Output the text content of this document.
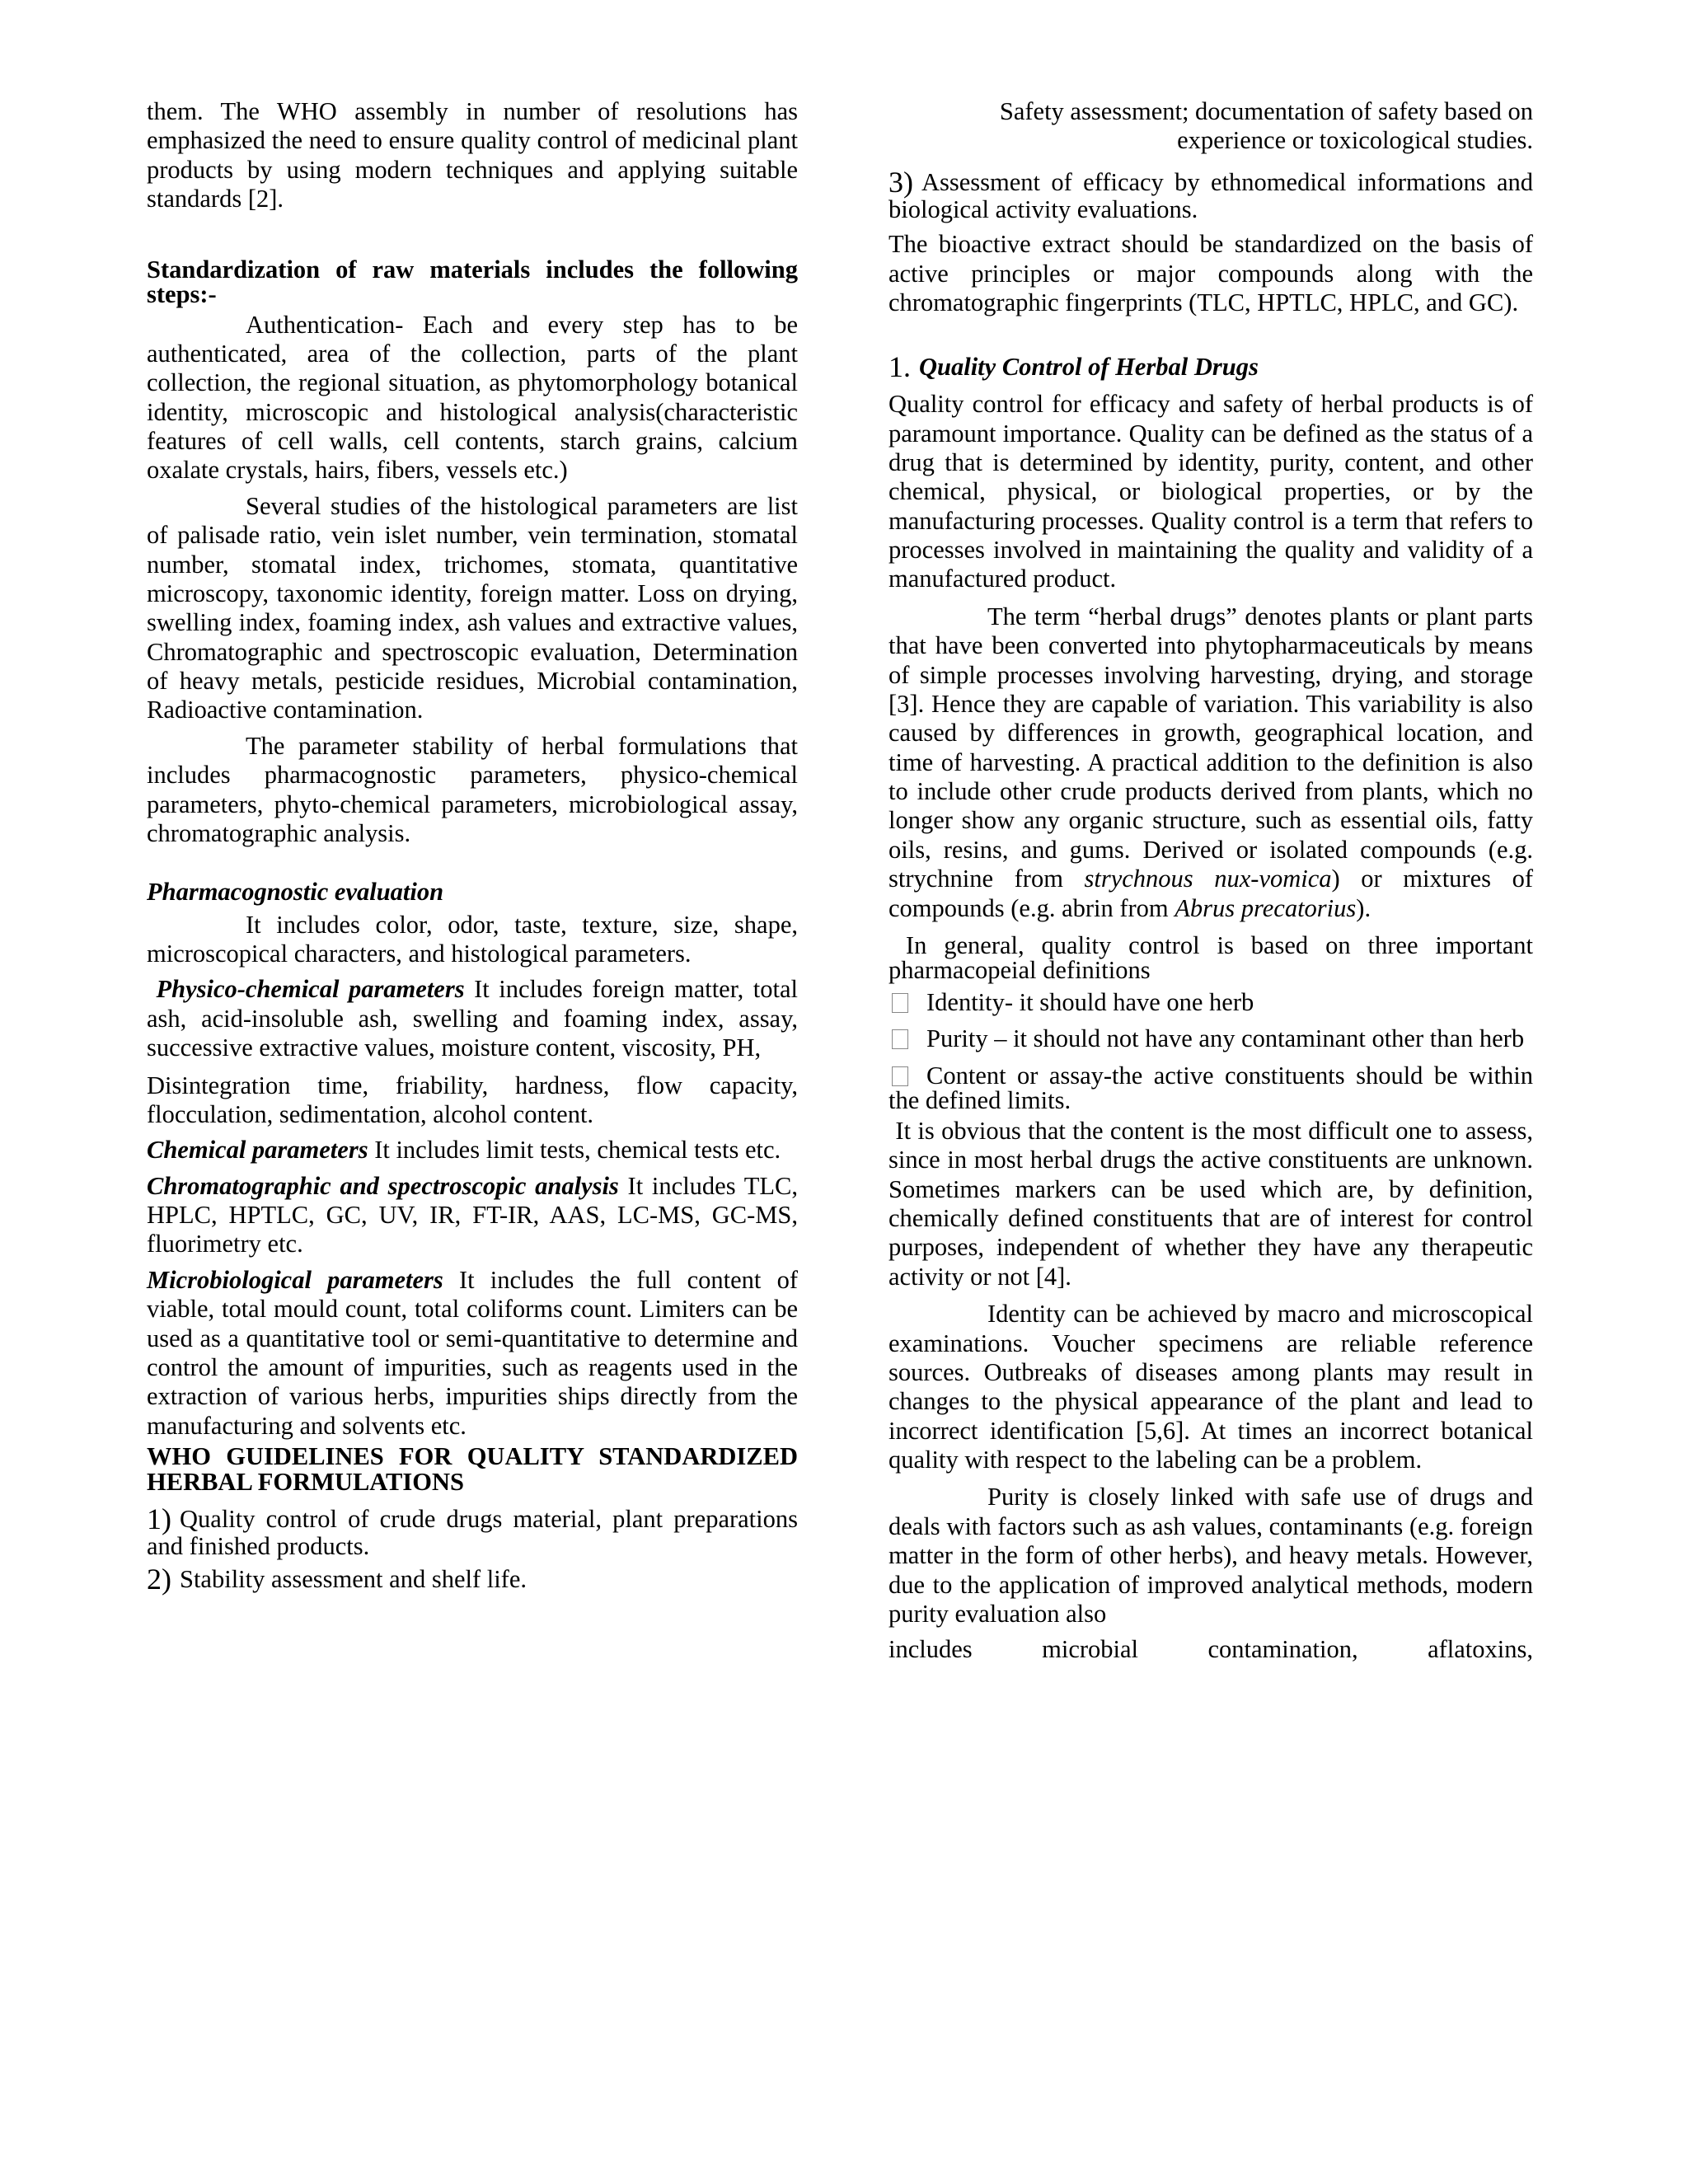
them. The WHO assembly in number of resolutions has emphasized the need to ensure quality control of medicinal plant products by using modern techniques and applying suitable standards [2].

Standardization of raw materials includes the following steps:-

Authentication- Each and every step has to be authenticated, area of the collection, parts of the plant collection, the regional situation, as phytomorphology botanical identity, microscopic and histological analysis(characteristic features of cell walls, cell contents, starch grains, calcium oxalate crystals, hairs, fibers, vessels etc.)

Several studies of the histological parameters are list of palisade ratio, vein islet number, vein termination, stomatal number, stomatal index, trichomes, stomata, quantitative microscopy, taxonomic identity, foreign matter. Loss on drying, swelling index, foaming index, ash values and extractive values, Chromatographic and spectroscopic evaluation, Determination of heavy metals, pesticide residues, Microbial contamination, Radioactive contamination.

The parameter stability of herbal formulations that includes pharmacognostic parameters, physico-chemical parameters, phyto-chemical parameters, microbiological assay, chromatographic analysis.

Pharmacognostic evaluation

It includes color, odor, taste, texture, size, shape, microscopical characters, and histological parameters.

Physico-chemical parameters It includes foreign matter, total ash, acid-insoluble ash, swelling and foaming index, assay, successive extractive values, moisture content, viscosity, PH,

Disintegration time, friability, hardness, flow capacity, flocculation, sedimentation, alcohol content.

Chemical parameters It includes limit tests, chemical tests etc.

Chromatographic and spectroscopic analysis It includes TLC, HPLC, HPTLC, GC, UV, IR, FT-IR, AAS, LC-MS, GC-MS, fluorimetry etc.

Microbiological parameters It includes the full content of viable, total mould count, total coliforms count. Limiters can be used as a quantitative tool or semi-quantitative to determine and control the amount of impurities, such as reagents used in the extraction of various herbs, impurities ships directly from the manufacturing and solvents etc.

WHO GUIDELINES FOR QUALITY STANDARDIZED HERBAL FORMULATIONS

1) Quality control of crude drugs material, plant preparations and finished products.

2) Stability assessment and shelf life.

Safety assessment; documentation of safety based on experience or toxicological studies.

3) Assessment of efficacy by ethnomedical informations and biological activity evaluations.

The bioactive extract should be standardized on the basis of active principles or major compounds along with the chromatographic fingerprints (TLC, HPTLC, HPLC, and GC).

1. Quality Control of Herbal Drugs

Quality control for efficacy and safety of herbal products is of paramount importance. Quality can be defined as the status of a drug that is determined by identity, purity, content, and other chemical, physical, or biological properties, or by the manufacturing processes. Quality control is a term that refers to processes involved in maintaining the quality and validity of a manufactured product.

The term “herbal drugs” denotes plants or plant parts that have been converted into phytopharmaceuticals by means of simple processes involving harvesting, drying, and storage [3]. Hence they are capable of variation. This variability is also caused by differences in growth, geographical location, and time of harvesting. A practical addition to the definition is also to include other crude products derived from plants, which no longer show any organic structure, such as essential oils, fatty oils, resins, and gums. Derived or isolated compounds (e.g. strychnine from strychnous nux-vomica) or mixtures of compounds (e.g. abrin from Abrus precatorius).

In general, quality control is based on three important pharmacopeial definitions

Identity- it should have one herb

Purity – it should not have any contaminant other than herb

Content or assay-the active constituents should be within the defined limits.

It is obvious that the content is the most difficult one to assess, since in most herbal drugs the active constituents are unknown. Sometimes markers can be used which are, by definition, chemically defined constituents that are of interest for control purposes, independent of whether they have any therapeutic activity or not [4].

Identity can be achieved by macro and microscopical examinations. Voucher specimens are reliable reference sources. Outbreaks of diseases among plants may result in changes to the physical appearance of the plant and lead to incorrect identification [5,6]. At times an incorrect botanical quality with respect to the labeling can be a problem.

Purity is closely linked with safe use of drugs and deals with factors such as ash values, contaminants (e.g. foreign matter in the form of other herbs), and heavy metals. However, due to the application of improved analytical methods, modern purity evaluation also

includes microbial contamination, aflatoxins,
